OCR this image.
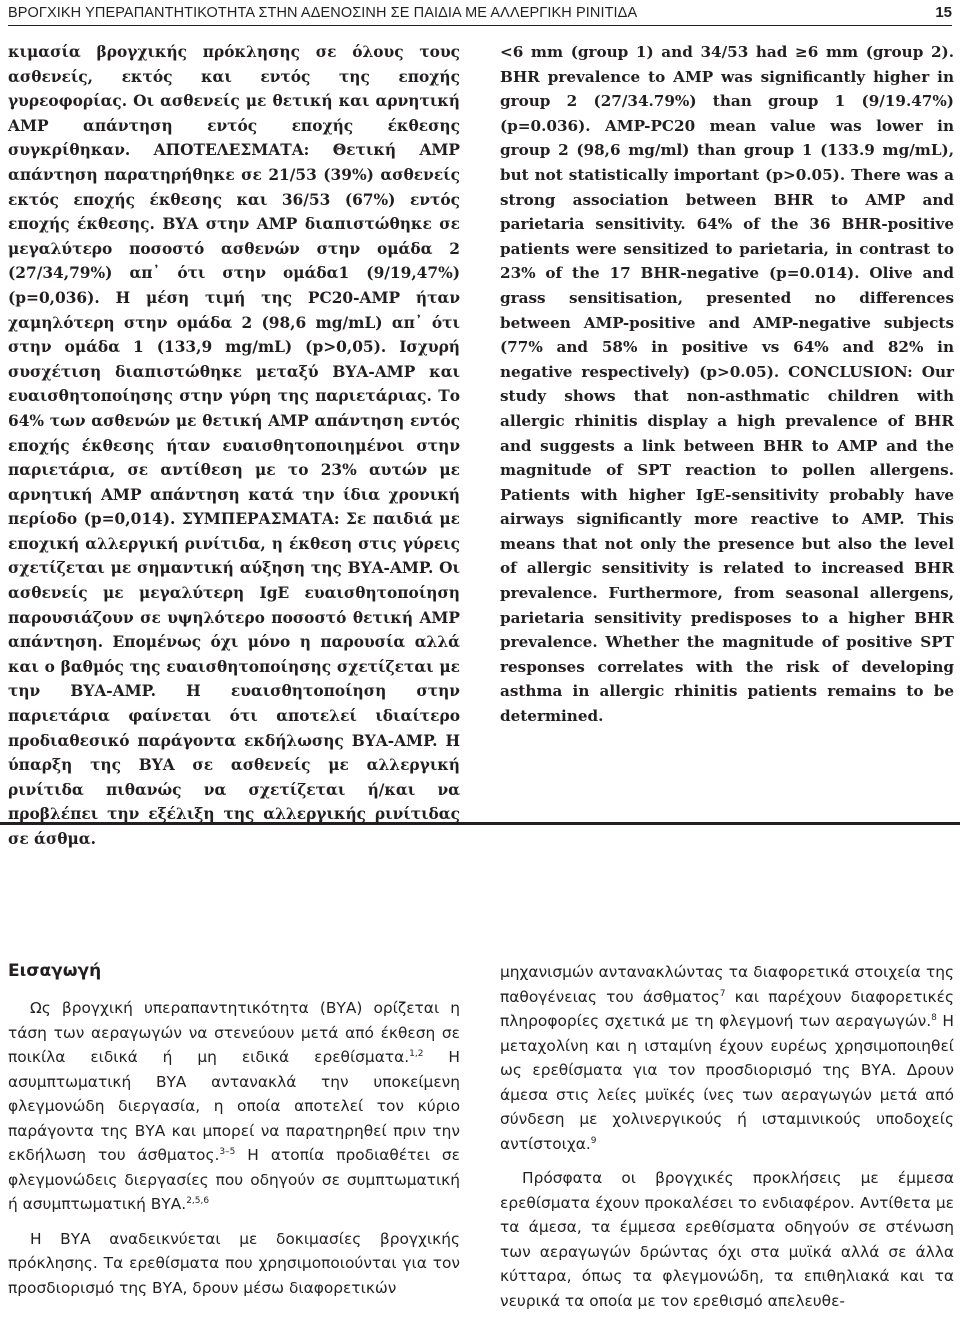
ΒΡΟΓΧΙΚΗ ΥΠΕΡΑΠΑΝΤΗΤΙΚΟΤΗΤΑ ΣΤΗΝ ΑΔΕΝΟΣΙΝΗ ΣΕ ΠΑΙΔΙΑ ΜΕ ΑΛΛΕΡΓΙΚΗ ΡΙΝΙΤΙΔΑ	15

κιμασία βρογχικής πρόκλησης σε όλους τους ασθενείς, εκτός και εντός της εποχής γυρεοφορίας. Οι ασθενείς με θετική και αρνητική AMP απάντηση εντός εποχής έκθεσης συγκρίθηκαν. ΑΠΟΤΕΛΕΣΜΑΤΑ: Θετική AMP απάντηση παρατηρήθηκε σε 21/53 (39%) ασθενείς εκτός εποχής έκθεσης και 36/53 (67%) εντός εποχής έκθεσης. ΒΥΑ στην AMP διαπιστώθηκε σε μεγαλύτερο ποσοστό ασθενών στην ομάδα 2 (27/34,79%) απ᾽ ότι στην ομάδα1 (9/19,47%) (p=0,036). Η μέση τιμή της PC20-AMP ήταν χαμηλότερη στην ομάδα 2 (98,6 mg/mL) απ᾽ ότι στην ομάδα 1 (133,9 mg/mL) (p>0,05). Ισχυρή συσχέτιση διαπιστώθηκε μεταξύ ΒΥΑ-AMP και ευαισθητοποίησης στην γύρη της παριετάριας. Το 64% των ασθενών με θετική AMP απάντηση εντός εποχής έκθεσης ήταν ευαισθητοποιημένοι στην παριετάρια, σε αντίθεση με το 23% αυτών με αρνητική AMP απάντηση κατά την ίδια χρονική περίοδο (p=0,014). ΣΥΜΠΕΡΑΣΜΑΤΑ: Σε παιδιά με εποχική αλλεργική ρινίτιδα, η έκθεση στις γύρεις σχετίζεται με σημαντική αύξηση της ΒΥΑ-AMP. Οι ασθενείς με μεγαλύτερη IgE ευαισθητοποίηση παρουσιάζουν σε υψηλότερο ποσοστό θετική AMP απάντηση. Επομένως όχι μόνο η παρουσία αλλά και ο βαθμός της ευαισθητοποίησης σχετίζεται με την ΒΥΑ-AMP. Η ευαισθητοποίηση στην παριετάρια φαίνεται ότι αποτελεί ιδιαίτερο προδιαθεσικό παράγοντα εκδήλωσης ΒΥΑ-AMP. Η ύπαρξη της ΒΥΑ σε ασθενείς με αλλεργική ρινίτιδα πιθανώς να σχετίζεται ή/και να προβλέπει την εξέλιξη της αλλεργικής ρινίτιδας σε άσθμα.

<6 mm (group 1) and 34/53 had ≥6 mm (group 2). BHR prevalence to AMP was significantly higher in group 2 (27/34.79%) than group 1 (9/19.47%) (p=0.036). AMP-PC20 mean value was lower in group 2 (98,6 mg/ml) than group 1 (133.9 mg/mL), but not statistically important (p>0.05). There was a strong association between BHR to AMP and parietaria sensitivity. 64% of the 36 BHR-positive patients were sensitized to parietaria, in contrast to 23% of the 17 BHR-negative (p=0.014). Olive and grass sensitisation, presented no differences between AMP-positive and AMP-negative subjects (77% and 58% in positive vs 64% and 82% in negative respectively) (p>0.05). CONCLUSION: Our study shows that non-asthmatic children with allergic rhinitis display a high prevalence of BHR and suggests a link between BHR to AMP and the magnitude of SPT reaction to pollen allergens. Patients with higher IgE-sensitivity probably have airways significantly more reactive to AMP. This means that not only the presence but also the level of allergic sensitivity is related to increased BHR prevalence. Furthermore, from seasonal allergens, parietaria sensitivity predisposes to a higher BHR prevalence. Whether the magnitude of positive SPT responses correlates with the risk of developing asthma in allergic rhinitis patients remains to be determined.

Εισαγωγή

Ως βρογχική υπεραπαντητικότητα (ΒΥΑ) ορίζεται η τάση των αεραγωγών να στενεύουν μετά από έκθεση σε ποικίλα ειδικά ή μη ειδικά ερεθίσματα.$^{1,2}$ Η ασυμπτωματική ΒΥΑ αντανακλά την υποκείμενη φλεγμονώδη διεργασία, η οποία αποτελεί τον κύριο παράγοντα της ΒΥΑ και μπορεί να παρατηρηθεί πριν την εκδήλωση του άσθματος.$^{3-5}$ Η ατοπία προδιαθέτει σε φλεγμονώδεις διεργασίες που οδηγούν σε συμπτωματική ή ασυμπτωματική ΒΥΑ.$^{2,5,6}$

Η ΒΥΑ αναδεικνύεται με δοκιμασίες βρογχικής πρόκλησης. Τα ερεθίσματα που χρησιμοποιούνται για τον προσδιορισμό της ΒΥΑ, δρουν μέσω διαφορετικών

μηχανισμών αντανακλώντας τα διαφορετικά στοιχεία της παθογένειας του άσθματος$^7$ και παρέχουν διαφορετικές πληροφορίες σχετικά με τη φλεγμονή των αεραγωγών.$^8$ Η μεταχολίνη και η ισταμίνη έχουν ευρέως χρησιμοποιηθεί ως ερεθίσματα για τον προσδιορισμό της ΒΥΑ. Δρουν άμεσα στις λείες μυϊκές ίνες των αεραγωγών μετά από σύνδεση με χολινεργικούς ή ισταμινικούς υποδοχείς αντίστοιχα.$^9$

Πρόσφατα οι βρογχικές προκλήσεις με έμμεσα ερεθίσματα έχουν προκαλέσει το ενδιαφέρον. Αντίθετα με τα άμεσα, τα έμμεσα ερεθίσματα οδηγούν σε στένωση των αεραγωγών δρώντας όχι στα μυϊκά αλλά σε άλλα κύτταρα, όπως τα φλεγμονώδη, τα επιθηλιακά και τα νευρικά τα οποία με τον ερεθισμό απελευθε-
